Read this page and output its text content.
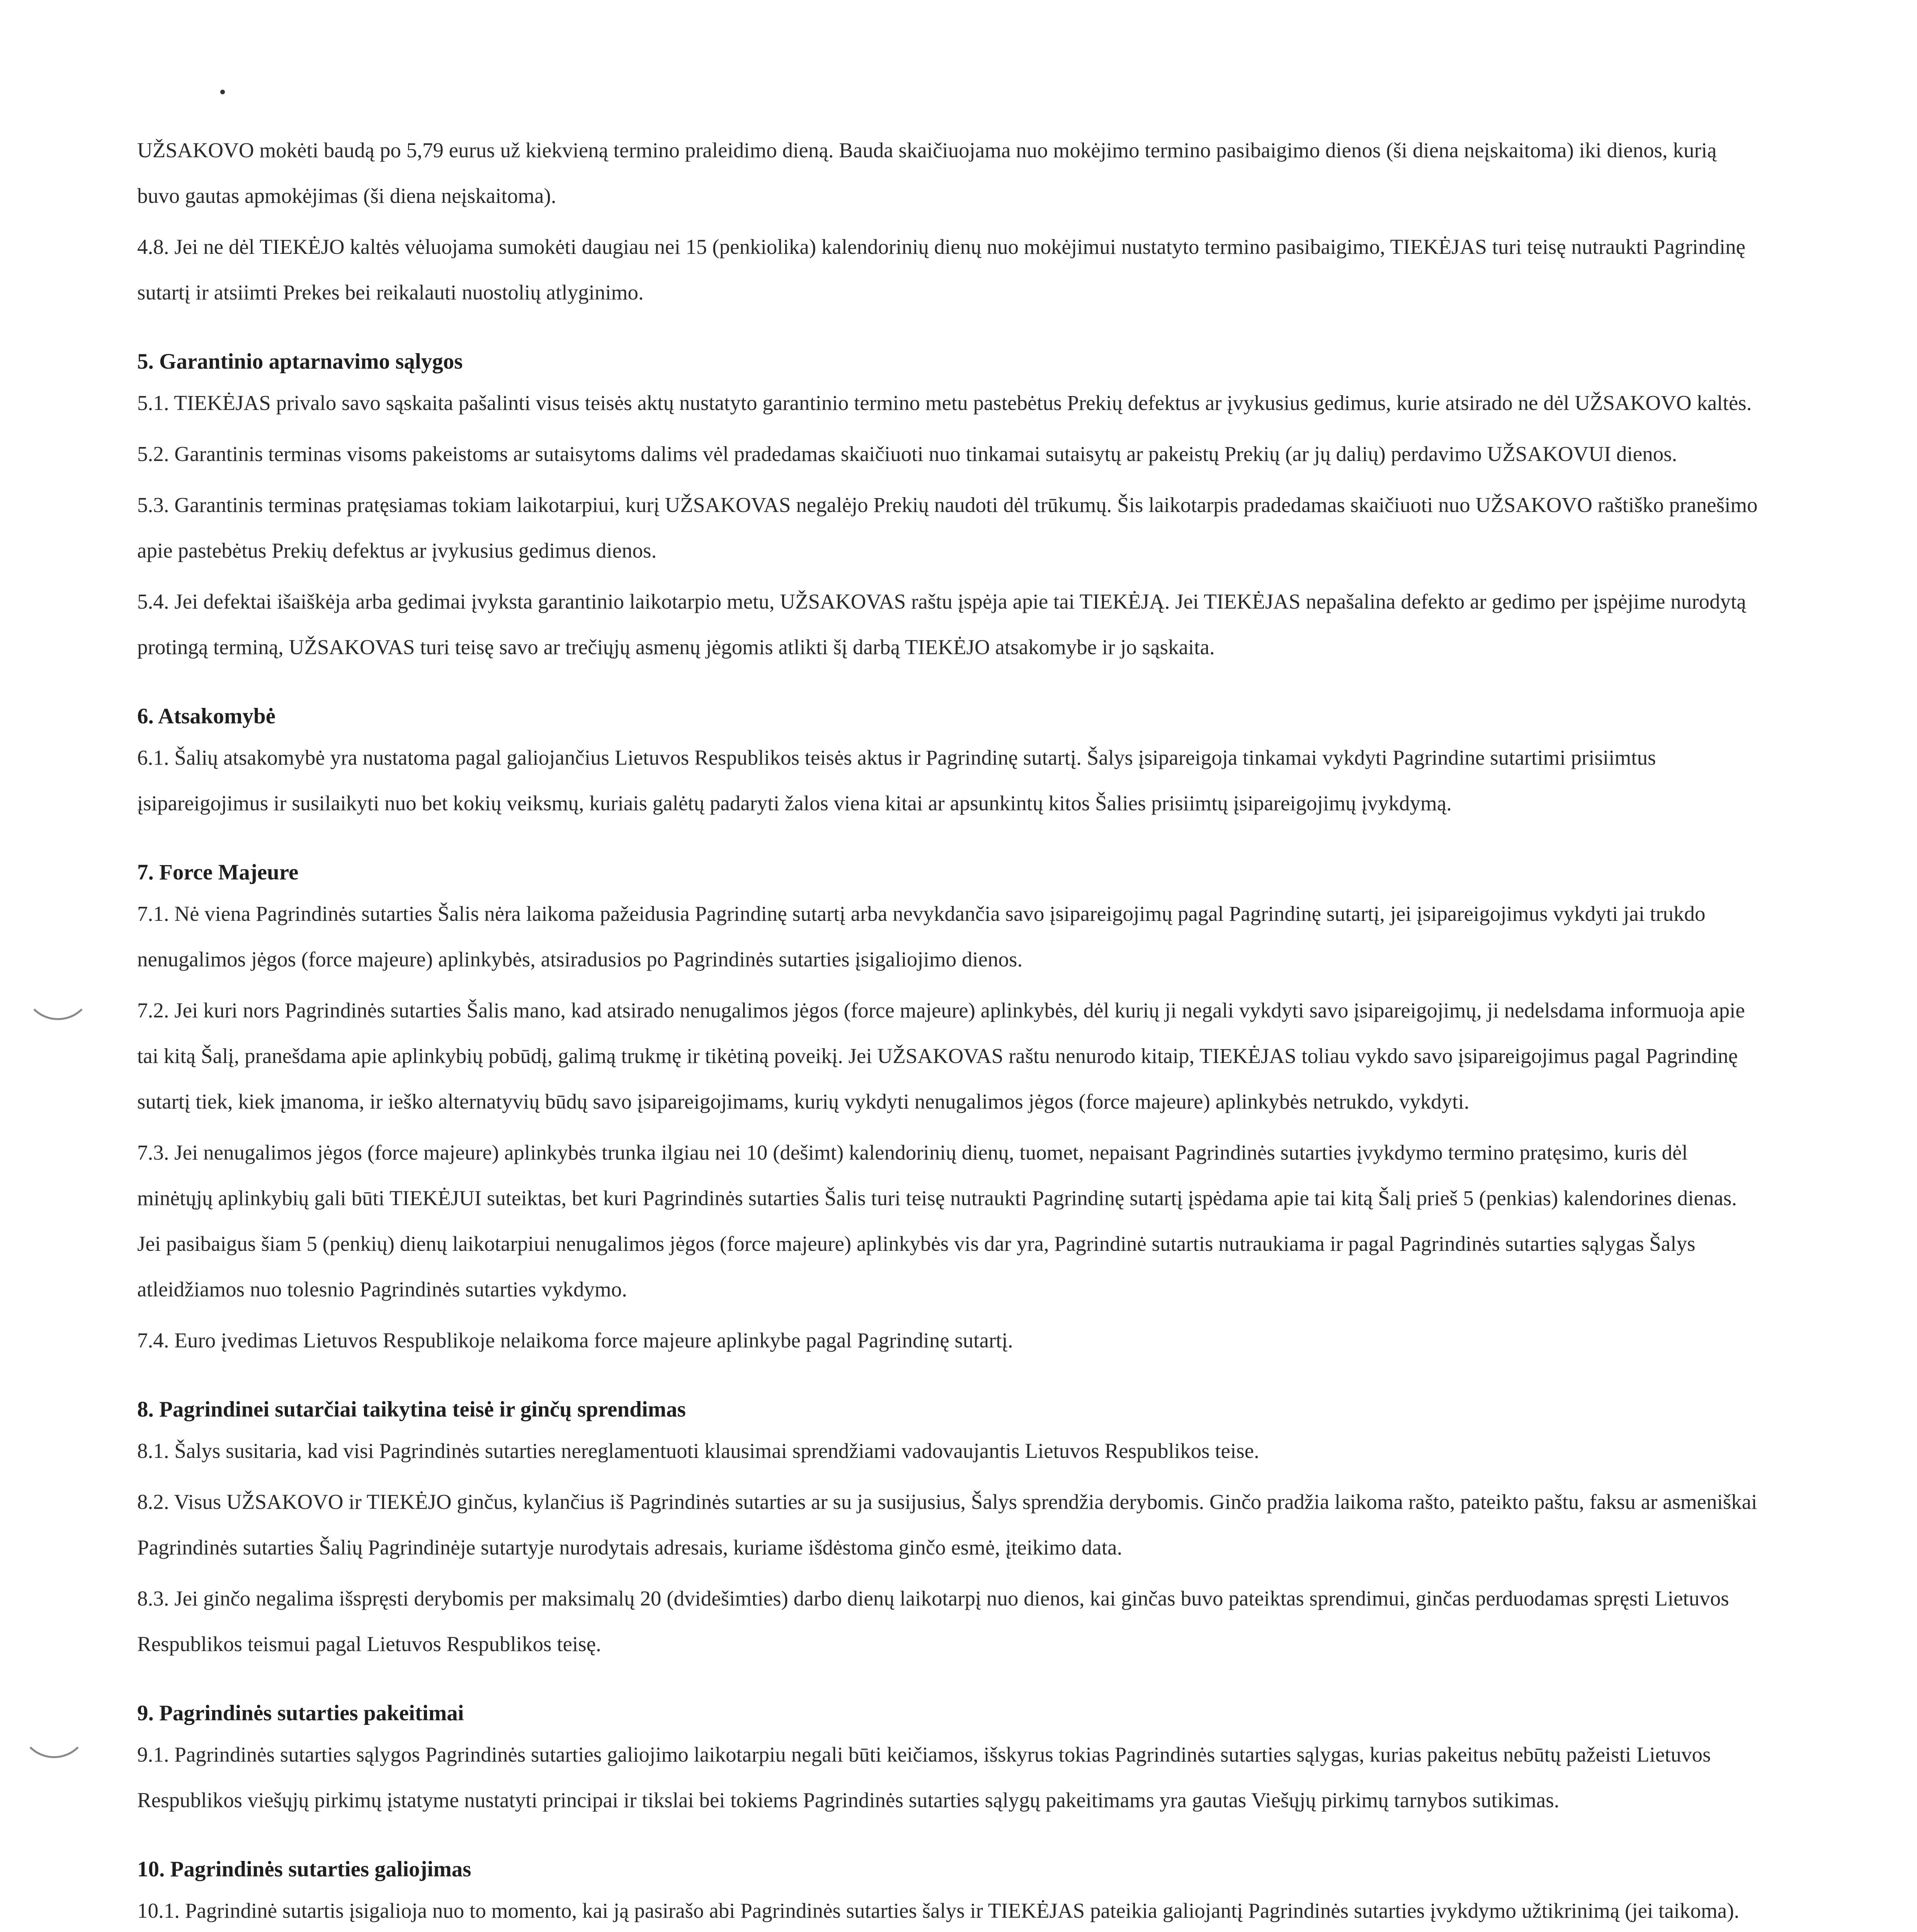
UŽSAKOVO mokėti baudą po 5,79 eurus už kiekvieną termino praleidimo dieną. Bauda skaičiuojama nuo mokėjimo termino pasibaigimo dienos (ši diena neįskaitoma) iki dienos, kurią buvo gautas apmokėjimas (ši diena neįskaitoma).

4.8. Jei ne dėl TIEKĖJO kaltės vėluojama sumokėti daugiau nei 15 (penkiolika) kalendorinių dienų nuo mokėjimui nustatyto termino pasibaigimo, TIEKĖJAS turi teisę nutraukti Pagrindinę sutartį ir atsiimti Prekes bei reikalauti nuostolių atlyginimo.

5. Garantinio aptarnavimo sąlygos

5.1. TIEKĖJAS privalo savo sąskaita pašalinti visus teisės aktų nustatyto garantinio termino metu pastebėtus Prekių defektus ar įvykusius gedimus, kurie atsirado ne dėl UŽSAKOVO kaltės.

5.2. Garantinis terminas visoms pakeistoms ar sutaisytoms dalims vėl pradedamas skaičiuoti nuo tinkamai sutaisytų ar pakeistų Prekių (ar jų dalių) perdavimo UŽSAKOVUI dienos.

5.3. Garantinis terminas pratęsiamas tokiam laikotarpiui, kurį UŽSAKOVAS negalėjo Prekių naudoti dėl trūkumų. Šis laikotarpis pradedamas skaičiuoti nuo UŽSAKOVO raštiško pranešimo apie pastebėtus Prekių defektus ar įvykusius gedimus dienos.

5.4. Jei defektai išaiškėja arba gedimai įvyksta garantinio laikotarpio metu, UŽSAKOVAS raštu įspėja apie tai TIEKĖJĄ. Jei TIEKĖJAS nepašalina defekto ar gedimo per įspėjime nurodytą protingą terminą, UŽSAKOVAS turi teisę savo ar trečiųjų asmenų jėgomis atlikti šį darbą TIEKĖJO atsakomybe ir jo sąskaita.

6. Atsakomybė

6.1. Šalių atsakomybė yra nustatoma pagal galiojančius Lietuvos Respublikos teisės aktus ir Pagrindinę sutartį. Šalys įsipareigoja tinkamai vykdyti Pagrindine sutartimi prisiimtus įsipareigojimus ir susilaikyti nuo bet kokių veiksmų, kuriais galėtų padaryti žalos viena kitai ar apsunkintų kitos Šalies prisiimtų įsipareigojimų įvykdymą.

7. Force Majeure

7.1. Nė viena Pagrindinės sutarties Šalis nėra laikoma pažeidusia Pagrindinę sutartį arba nevykdančia savo įsipareigojimų pagal Pagrindinę sutartį, jei įsipareigojimus vykdyti jai trukdo nenugalimos jėgos (force majeure) aplinkybės, atsiradusios po Pagrindinės sutarties įsigaliojimo dienos.

7.2. Jei kuri nors Pagrindinės sutarties Šalis mano, kad atsirado nenugalimos jėgos (force majeure) aplinkybės, dėl kurių ji negali vykdyti savo įsipareigojimų, ji nedelsdama informuoja apie tai kitą Šalį, pranešdama apie aplinkybių pobūdį, galimą trukmę ir tikėtiną poveikį. Jei UŽSAKOVAS raštu nenurodo kitaip, TIEKĖJAS toliau vykdo savo įsipareigojimus pagal Pagrindinę sutartį tiek, kiek įmanoma, ir ieško alternatyvių būdų savo įsipareigojimams, kurių vykdyti nenugalimos jėgos (force majeure) aplinkybės netrukdo, vykdyti.

7.3. Jei nenugalimos jėgos (force majeure) aplinkybės trunka ilgiau nei 10 (dešimt) kalendorinių dienų, tuomet, nepaisant Pagrindinės sutarties įvykdymo termino pratęsimo, kuris dėl minėtųjų aplinkybių gali būti TIEKĖJUI suteiktas, bet kuri Pagrindinės sutarties Šalis turi teisę nutraukti Pagrindinę sutartį įspėdama apie tai kitą Šalį prieš 5 (penkias) kalendorines dienas. Jei pasibaigus šiam 5 (penkių) dienų laikotarpiui nenugalimos jėgos (force majeure) aplinkybės vis dar yra, Pagrindinė sutartis nutraukiama ir pagal Pagrindinės sutarties sąlygas Šalys atleidžiamos nuo tolesnio Pagrindinės sutarties vykdymo.

7.4. Euro įvedimas Lietuvos Respublikoje nelaikoma force majeure aplinkybe pagal Pagrindinę sutartį.

8. Pagrindinei sutarčiai taikytina teisė ir ginčų sprendimas

8.1. Šalys susitaria, kad visi Pagrindinės sutarties nereglamentuoti klausimai sprendžiami vadovaujantis Lietuvos Respublikos teise.

8.2. Visus UŽSAKOVO ir TIEKĖJO ginčus, kylančius iš Pagrindinės sutarties ar su ja susijusius, Šalys sprendžia derybomis. Ginčo pradžia laikoma rašto, pateikto paštu, faksu ar asmeniškai Pagrindinės sutarties Šalių Pagrindinėje sutartyje nurodytais adresais, kuriame išdėstoma ginčo esmė, įteikimo data.

8.3. Jei ginčo negalima išspręsti derybomis per maksimalų 20 (dvidešimties) darbo dienų laikotarpį nuo dienos, kai ginčas buvo pateiktas sprendimui, ginčas perduodamas spręsti Lietuvos Respublikos teismui pagal Lietuvos Respublikos teisę.

9. Pagrindinės sutarties pakeitimai

9.1. Pagrindinės sutarties sąlygos Pagrindinės sutarties galiojimo laikotarpiu negali būti keičiamos, išskyrus tokias Pagrindinės sutarties sąlygas, kurias pakeitus nebūtų pažeisti Lietuvos Respublikos viešųjų pirkimų įstatyme nustatyti principai ir tikslai bei tokiems Pagrindinės sutarties sąlygų pakeitimams yra gautas Viešųjų pirkimų tarnybos sutikimas.

10. Pagrindinės sutarties galiojimas

10.1. Pagrindinė sutartis įsigalioja nuo to momento, kai ją pasirašo abi Pagrindinės sutarties šalys ir TIEKĖJAS pateikia galiojantį Pagrindinės sutarties įvykdymo užtikrinimą (jei taikoma).
